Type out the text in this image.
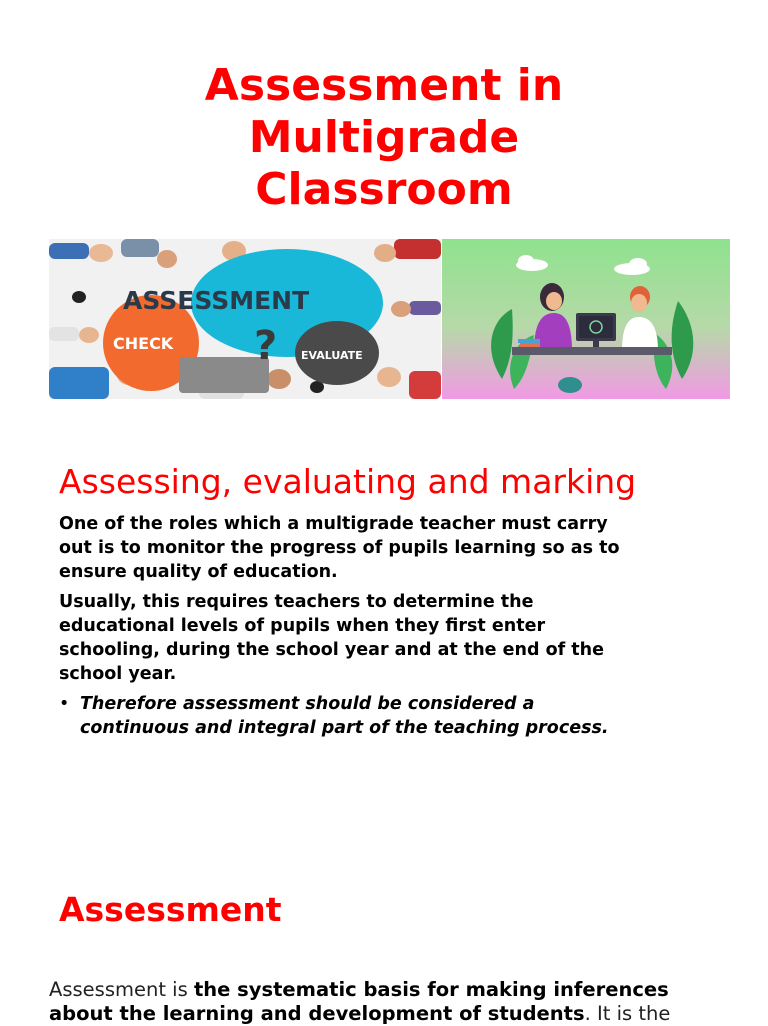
Assessment in
Multigrade
Classroom
?
ASSESSMENT
CHECK
EVALUATE
Assessing, evaluating and marking

One of the roles which a multigrade teacher must carry out is to monitor the progress of pupils learning so as to ensure quality of education.

Usually, this requires teachers to determine the educational levels of pupils when they first enter schooling, during the school year and at the end of the school year.

• Therefore assessment should be considered a continuous and integral part of the teaching process.

Assessment

Assessment is the systematic basis for making inferences about the learning and development of students. It is the
